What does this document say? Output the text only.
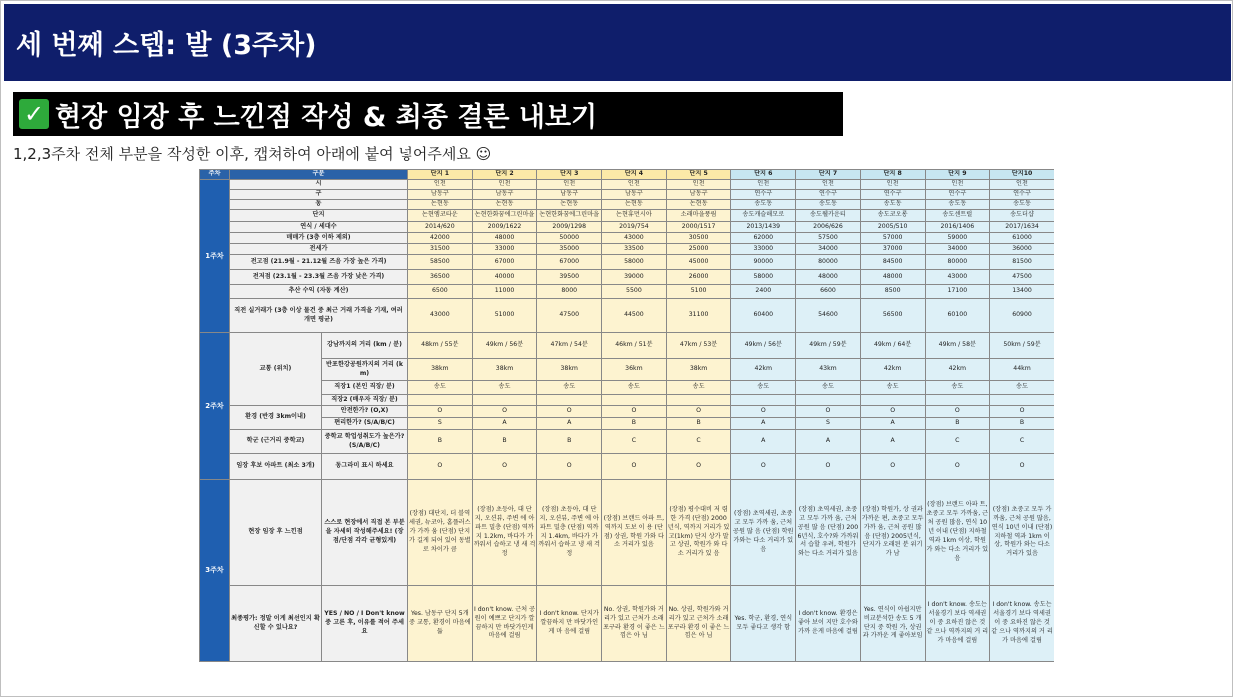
세 번째 스텝: 발 (3주차)
✓ 현장 임장 후 느낀점 작성 & 최종 결론 내보기
1,2,3주차 전체 부분을 작성한 이후, 캡쳐하여 아래에 붙여 넣어주세요 ☺
주차	구분		단지 1	단지 2	단지 3	단지 4	단지 5	단지 6	단지 7	단지 8	단지 9	단지10
1주차	시		인천	인천	인천	인천	인천	인천	인천	인천	인천	인천
	구		남동구	남동구	남동구	남동구	남동구	연수구	연수구	연수구	연수구	연수구
	동		논현동	논현동	논현동	논현동	논현동	송도동	송도동	송도동	송도동	송도동
	단지		논현엠코타운	논현한화꿈에그린마을	논현한화꿈에그린마을	논현휴먼시아	소래마을풍림	송도캐슬해모로	송도웰카운티	송도코오롱	송도센트럴	송도더샵
	연식 / 세대수		2014/620	2009/1622	2009/1298	2019/754	2000/1517	2013/1439	2006/626	2005/510	2016/1406	2017/1634
	매매가 (3층 이하 제외)		42000	48000	50000	43000	30500	62000	57500	57000	59000	61000
	전세가		31500	33000	35000	33500	25000	33000	34000	37000	34000	36000
	전고점 (21.9월 - 21.12월 즈음 가장 높은 가격)		58500	67000	67000	58000	45000	90000	80000	84500	80000	81500
	전저점 (23.1월 - 23.3월 즈음 가장 낮은 가격)		36500	40000	39500	39000	26000	58000	48000	48000	43000	47500
	추산 수익 (자동 계산)		6500	11000	8000	5500	5100	2400	6600	8500	17100	13400
	직전 실거래가 (3층 이상 물건 중 최근 거래 가격을 기재, 여러 개면 평균)		43000	51000	47500	44500	31100	60400	54600	56500	60100	60900
2주차	교통 (위치)	강남까지의 거리 (km / 분)	48km / 55분	49km / 56분	47km / 54분	46km / 51분	47km / 53분	49km / 56분	49km / 59분	49km / 64분	49km / 58분	50km / 59분
		반포한강공원까지의 거리 (km)	38km	38km	38km	36km	38km	42km	43km	42km	42km	44km
		직장1 (본인 직장/ 분)	송도	송도	송도	송도	송도	송도	송도	송도	송도	송도
		직장2 (배우자 직장/ 분)										
	환경 (반경 3km이내)	안전한가? (O,X)	O	O	O	O	O	O	O	O	O	O
		편리한가? (S/A/B/C)	S	A	A	B	B	A	S	A	B	B
	학군 (근거리 중학교)	중학교 학업성취도가 높은가? (S/A/B/C)	B	B	B	C	C	A	A	A	C	C
	임장 후보 아파트 (최소 3개)	동그라미 표시 하세요	O	O	O	O	O	O	O	O	O	O
3주차	현장 임장 후 느낀점	스스로 현장에서 직접 본 부분을 자세히 작성해주세요! (장점/단점 각각 균형있게)	(장점) 대단지, 더 블역세권, 뉴코아, 홈플러스가 가까 움 (단점) 단지가 길게 되어 있어 동별로 차이가 큼	(장점) 초등아, 대 단지, 오션뷰, 주변 에 아파트 밀층 (단점) 역까지 1.2km, 바다가 가 까워서 습하고 냉 새 걱정	(장점) 초등아, 대 단지, 오션뷰, 주변 에 아파트 밀층 (단점) 역까지 1.4km, 바다가 가 까워서 습하고 냉 새 걱정	(장점) 브랜드 아파 트, 역까지 도보 이 용 (단점) 상권, 학원 가와 다소 거리가 있음	(장점) 평수대비 저 렴한 가격 (단점) 2000년식, 역까지 거리가 있 고(1km) 단지 상가 말고 상권, 학원가 와 다소 거리가 있 음	(장점) 초역세권, 초중고 모두 가까 움, 근처 공원 많 음 (단점) 학원가와는 다소 거리가 있음	(장점) 초역세권, 초중고 모두 가까 움, 근처 공원 많 음 (단점) 2006년식, 호수?와 가까워서 습할 우려, 학원가 와는 다소 거리가 있음	(장점) 학원가, 상 권과 가까운 편, 초중고 모두 가까 움, 근처 공원 많음 (단점) 2005년식, 단지가 오래된 분 위기가 남	(장점) 브랜드 아파 트, 초중고 모두 가까움, 근처 공원 많음, 연식 10년 이내 (단점) 지하철 역과 1km 이상, 학원가 와는 다소 거리가 있음	(장점) 초중고 모두 가까움, 근처 공원 많음, 연식 10년 이내 (단점) 지하철 역과 1km 이상, 학원가 와는 다소 거리가 있음
	최종평가: 정말 이게 최선인지 확신할 수 있나요?	YES / NO / I Don't know 중 고른 후, 이유를 적어 주세요	Yes. 남동구 단지 5개 중 교통, 환경이 마음에 듦	I don't know. 근처 공원이 예쁘고 단지가 깔끔하지 만 바닷가인게 마음에 걸림	I don't know. 단지가 깔끔하지 만 바닷가인게 마 음에 걸림	No. 상권, 학원가와 거 리가 있고 근처가 소래포구라 환경 이 좋은 느낌은 아 님	No. 상권, 학원가와 거 리가 있고 근처가 소래포구라 환경 이 좋은 느낌은 아 님	Yes. 학군, 환경, 연식 모두 좋다고 생각 함	I don't know. 환경은 좋아 보이 지만 호수와 가까 운게 마음에 걸림	Yes. 연식이 아쉽지만 비교분석한 송도 5 개 단지 중 학원 가, 상권과 가까운 게 좋아보임	I don't know. 송도는 서울경기 보다 역세권이 중 요하진 않은 것 같 으나 역까지의 거 리가 마음에 걸림	I don't know. 송도는 서울경기 보다 역세권이 중 요하진 않은 것 같 으나 역까지의 거 리가 마음에 걸림
